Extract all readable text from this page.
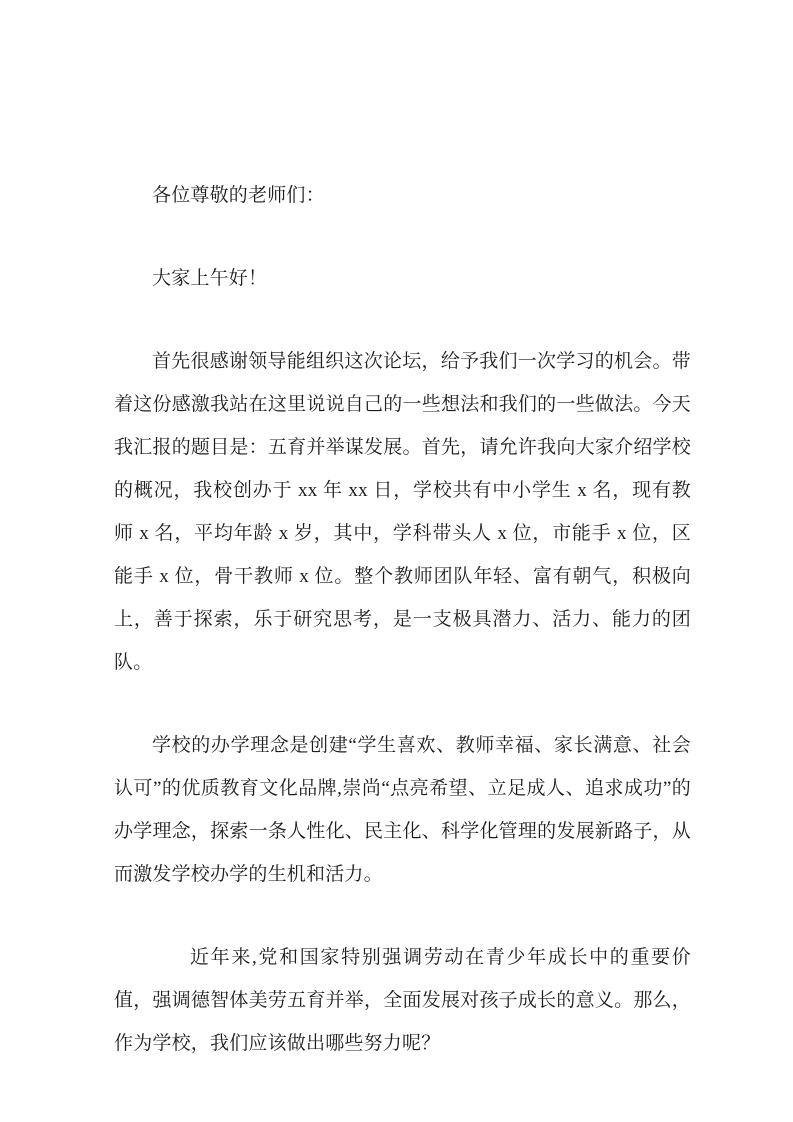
各位尊敬的老师们：

大家上午好！

首先很感谢领导能组织这次论坛，给予我们一次学习的机会。带着这份感激我站在这里说说自己的一些想法和我们的一些做法。今天我汇报的题目是：五育并举谋发展。首先，请允许我向大家介绍学校的概况，我校创办于 xx 年 xx 日，学校共有中小学生 x 名，现有教师 x 名，平均年龄 x 岁，其中，学科带头人 x 位，市能手 x 位，区能手 x 位，骨干教师 x 位。整个教师团队年轻、富有朝气，积极向上，善于探索，乐于研究思考，是一支极具潜力、活力、能力的团队。

学校的办学理念是创建“学生喜欢、教师幸福、家长满意、社会认可”的优质教育文化品牌,崇尚“点亮希望、立足成人、追求成功”的办学理念，探索一条人性化、民主化、科学化管理的发展新路子，从而激发学校办学的生机和活力。

近年来,党和国家特别强调劳动在青少年成长中的重要价值，强调德智体美劳五育并举，全面发展对孩子成长的意义。那么，作为学校，我们应该做出哪些努力呢？
